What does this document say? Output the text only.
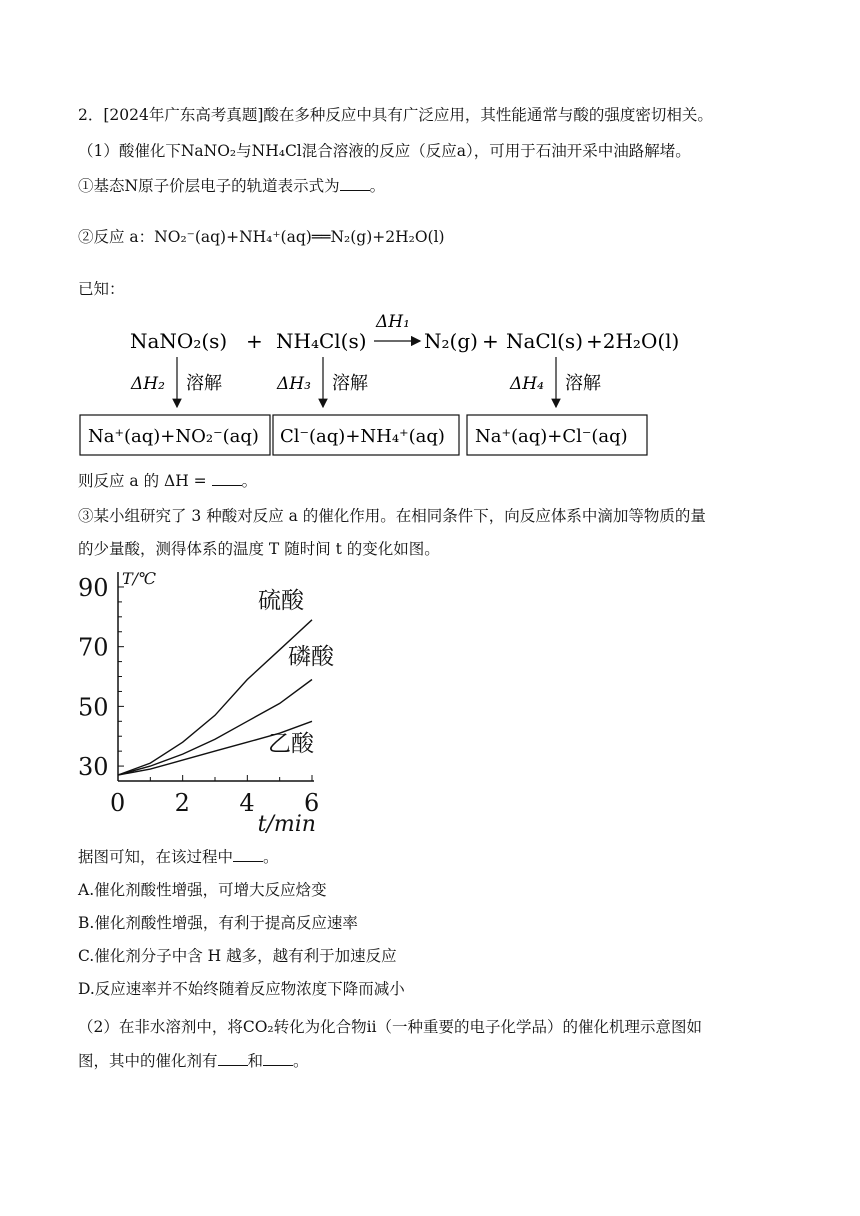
2．[2024年广东高考真题]酸在多种反应中具有广泛应用，其性能通常与酸的强度密切相关。
（1）酸催化下NaNO₂与NH₄Cl混合溶液的反应（反应a），可用于石油开采中油路解堵。
①基态N原子价层电子的轨道表示式为 。
②反应 a：NO₂⁻(aq)+NH₄⁺(aq)══N₂(g)+2H₂O(l)
已知：
NaNO₂(s) + NH₄Cl(s)	N₂(g) + NaCl(s) +2H₂O(l)
ΔH₁
ΔH₂ 溶解	ΔH₃ 溶解	ΔH₄ 溶解
Na⁺(aq)+NO₂⁻(aq) Cl⁻(aq)+NH₄⁺(aq) Na⁺(aq)+Cl⁻(aq)
则反应 a 的 ΔH = 。
③某小组研究了 3 种酸对反应 a 的催化作用。在相同条件下，向反应体系中滴加等物质的量
的少量酸，测得体系的温度 T 随时间 t 的变化如图。
30
50
70
90
0 2 4 6
T/℃
t/min
硫酸
磷酸
乙酸
据图可知，在该过程中 。
A.催化剂酸性增强，可增大反应焓变
B.催化剂酸性增强，有利于提高反应速率
C.催化剂分子中含 H 越多，越有利于加速反应
D.反应速率并不始终随着反应物浓度下降而减小
（2）在非水溶剂中，将CO₂转化为化合物ⅱ（一种重要的电子化学品）的催化机理示意图如
图，其中的催化剂有 和 。
